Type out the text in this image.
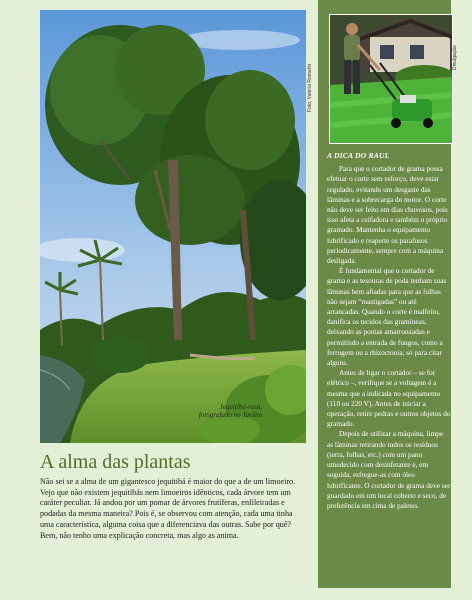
Foto: Valerio Romahn
Jequitibá-rosa,
fotografado no Jardim
Divulgação
A DICA DO RAUL

Para que o cortador de grama possa efetuar o corte sem esforço, deve estar regulado, evitando um desgaste das lâminas e a sobrecarga do motor. O corte não deve ser feito em dias chuvosos, pois isso afeta a ceifadora e também o próprio gramado. Mantenha o equipamento lubrificado e reaperte os parafusos periodicamente, sempre com a máquina desligada.

É fundamental que o cortador de grama e as tesouras de poda tenham suas lâminas bem afiadas para que as folhas não sejam “mastigadas” ou até arrancadas. Quando o corte é malfeito, danifica os tecidos das gramíneas, deixando as pontas amarronzadas e permitindo a entrada de fungos, como a ferrugem ou a rhizoctonia, só para citar alguns.

Antes de ligar o cortador – se for elétrico –, verifique se a voltagem é a mesma que a indicada no equipamento (110 ou 220 V). Antes de iniciar a operação, retire pedras e outros objetos do gramado.

Depois de utilizar a máquina, limpe as lâminas retirando todos os resíduos (terra, folhas, etc.) com um pano umedecido com desinfetante e, em seguida, esfregue-as com óleo lubrificante. O cortador de grama deve ser guardado em um local coberto e seco, de preferência em cima de paletes.

A alma das plantas

Não sei se a alma de um gigantesco jequitibá é maior do que a de um limoeiro. Vejo que não existem jequitibás nem limoeiros idênticos, cada árvore tem um caráter peculiar. Já andou por um pomar de árvores frutíferas, enfileiradas e podadas da mesma maneira? Pois é, se observou com atenção, cada uma tinha uma característica, alguma coisa que a diferenciava das outras. Sabe por quê? Bem, não tenho uma explicação concreta, mas algo as anima.
